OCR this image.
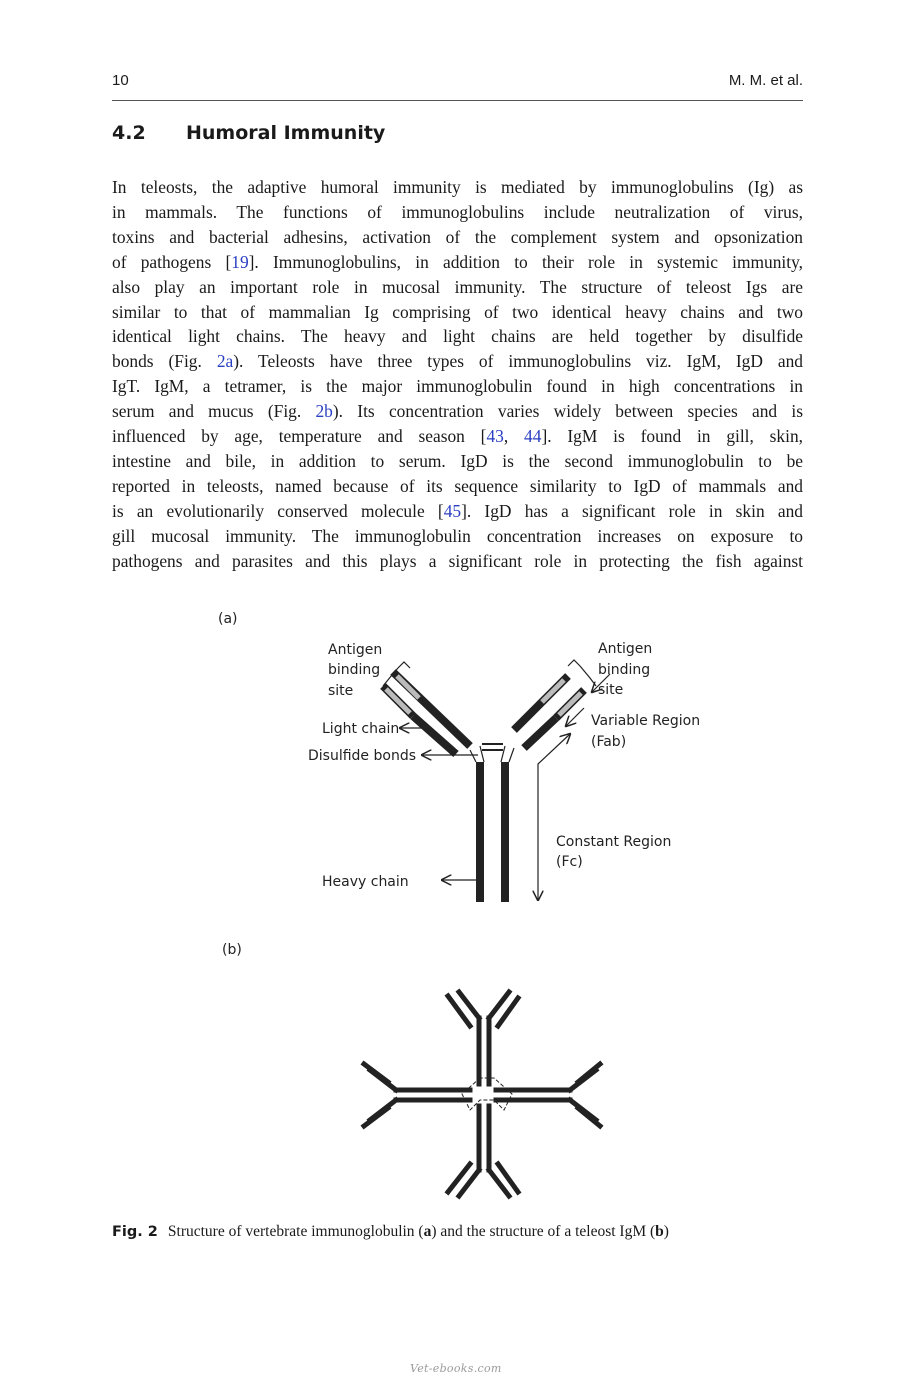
10	M. M. et al.
4.2 Humoral Immunity
In teleosts, the adaptive humoral immunity is mediated by immunoglobulins (Ig) as
in mammals. The functions of immunoglobulins include neutralization of virus,
toxins and bacterial adhesins, activation of the complement system and opsonization
of pathogens [19]. Immunoglobulins, in addition to their role in systemic immunity,
also play an important role in mucosal immunity. The structure of teleost Igs are
similar to that of mammalian Ig comprising of two identical heavy chains and two
identical light chains. The heavy and light chains are held together by disulfide
bonds (Fig. 2a). Teleosts have three types of immunoglobulins viz. IgM, IgD and
IgT. IgM, a tetramer, is the major immunoglobulin found in high concentrations in
serum and mucus (Fig. 2b). Its concentration varies widely between species and is
influenced by age, temperature and season [43, 44]. IgM is found in gill, skin,
intestine and bile, in addition to serum. IgD is the second immunoglobulin to be
reported in teleosts, named because of its sequence similarity to IgD of mammals and
is an evolutionarily conserved molecule [45]. IgD has a significant role in skin and
gill mucosal immunity. The immunoglobulin concentration increases on exposure to
pathogens and parasites and this plays a significant role in protecting the fish against
(a)
Antigen
binding
site
Antigen
binding
site
Light chain
Disulfide bonds
Variable Region
(Fab)
Constant Region
(Fc)
Heavy chain
(b)
Fig. 2 Structure of vertebrate immunoglobulin (a) and the structure of a teleost IgM (b)
Vet-ebooks.com
